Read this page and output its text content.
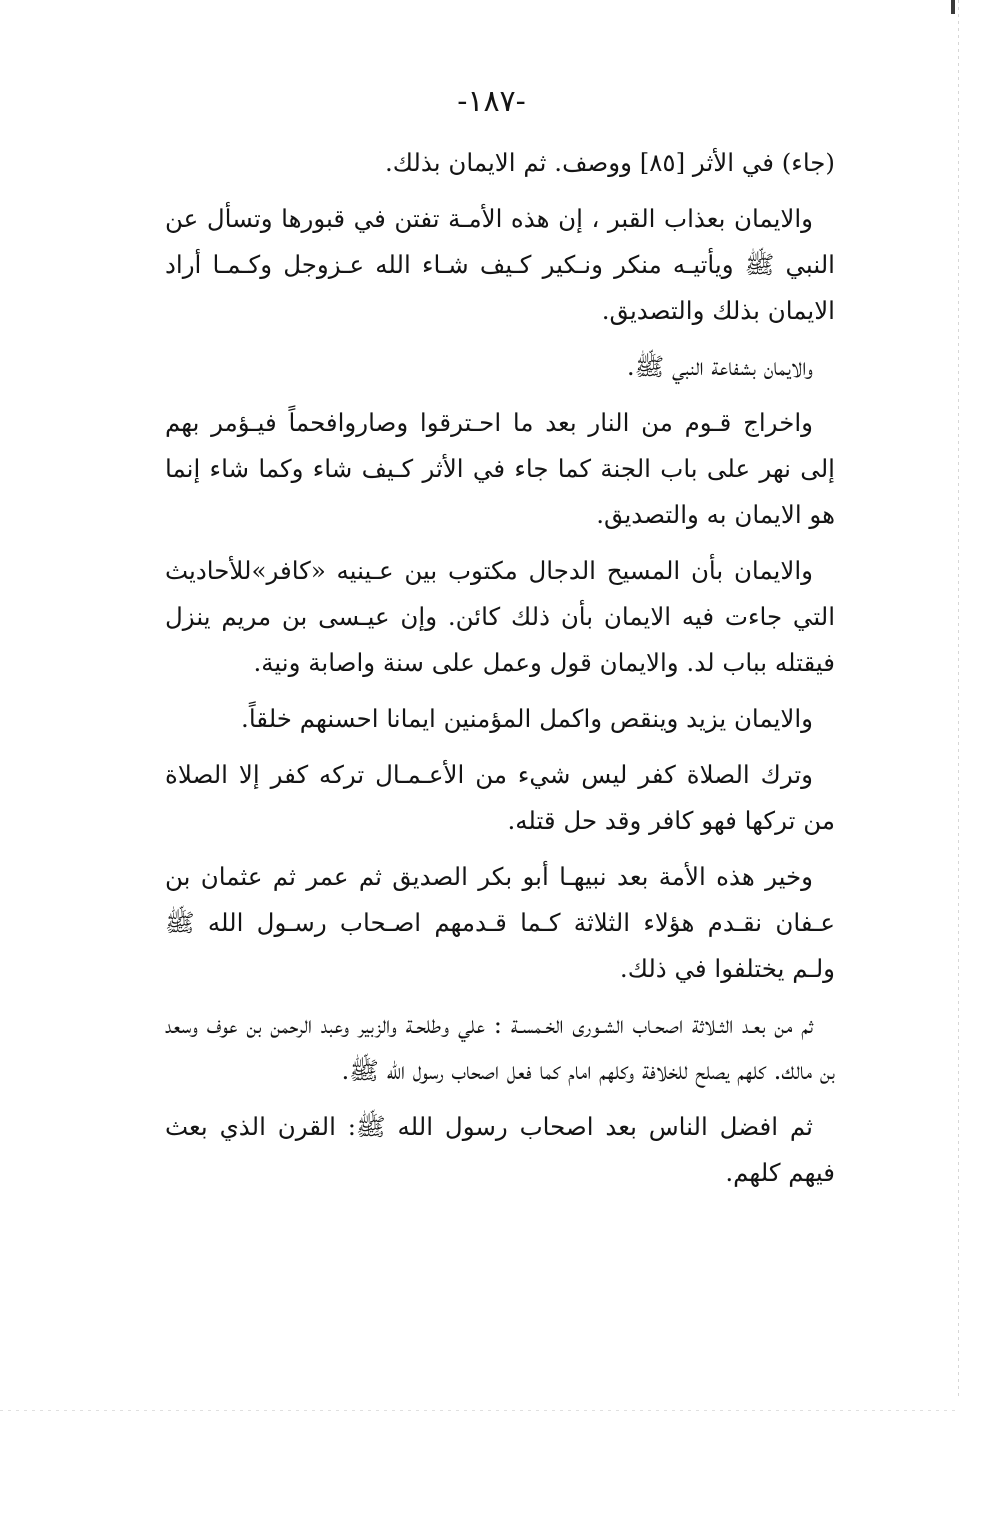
-١٨٧-

(جاء) في الأثر [٨٥] ووصف. ثم الايمان بذلك.

والايمان بعذاب القبر ، إن هذه الأمـة تفتن في قبورها وتسأل عن النبي ﷺ ويأتيـه منكر ونـكير كـيف شـاء الله عـزوجل وكـمـا أراد الايمان بذلك والتصديق.

والايمان بشفاعة النبي ﷺ.

واخراج قـوم من النار بعد ما احـترقوا وصاروافحماً فيـؤمر بهم إلى نهر على باب الجنة كما جاء في الأثر كـيف شاء وكما شاء إنما هو الايمان به والتصديق.

والايمان بأن المسيح الدجال مكتوب بين عـينيه «كافر»للأحاديث التي جاءت فيه الايمان بأن ذلك كائن. وإن عيـسى بن مريم ينزل فيقتله بباب لد. والايمان قول وعمل على سنة واصابة ونية.

والايمان يزيد وينقص واكمل المؤمنين ايمانا احسنهم خلقاً.

وترك الصلاة كفر ليس شيء من الأعـمـال تركه كفر إلا الصلاة من تركها فهو كافر وقد حل قتله.

وخير هذه الأمة بعد نبيهـا أبو بكر الصديق ثم عمر ثم عثمان بن عـفان نقـدم هؤلاء الثلاثة كـما قـدمهم اصـحاب رسـول الله ﷺ ولـم يختلفوا في ذلك.

ثم من بعـد الثـلاثة اصحـاب الشـورى الخـمسـة : علي وطلحـة والزبير وعبد الرحمن بن عوف وسعد بن مالك. كلهم يصلح للخلافة وكلهم امام كما فعل اصحاب رسول الله ﷺ.

ثم افضل الناس بعد اصحاب رسول الله ﷺ: القرن الذي بعث فيهم كلهم.
